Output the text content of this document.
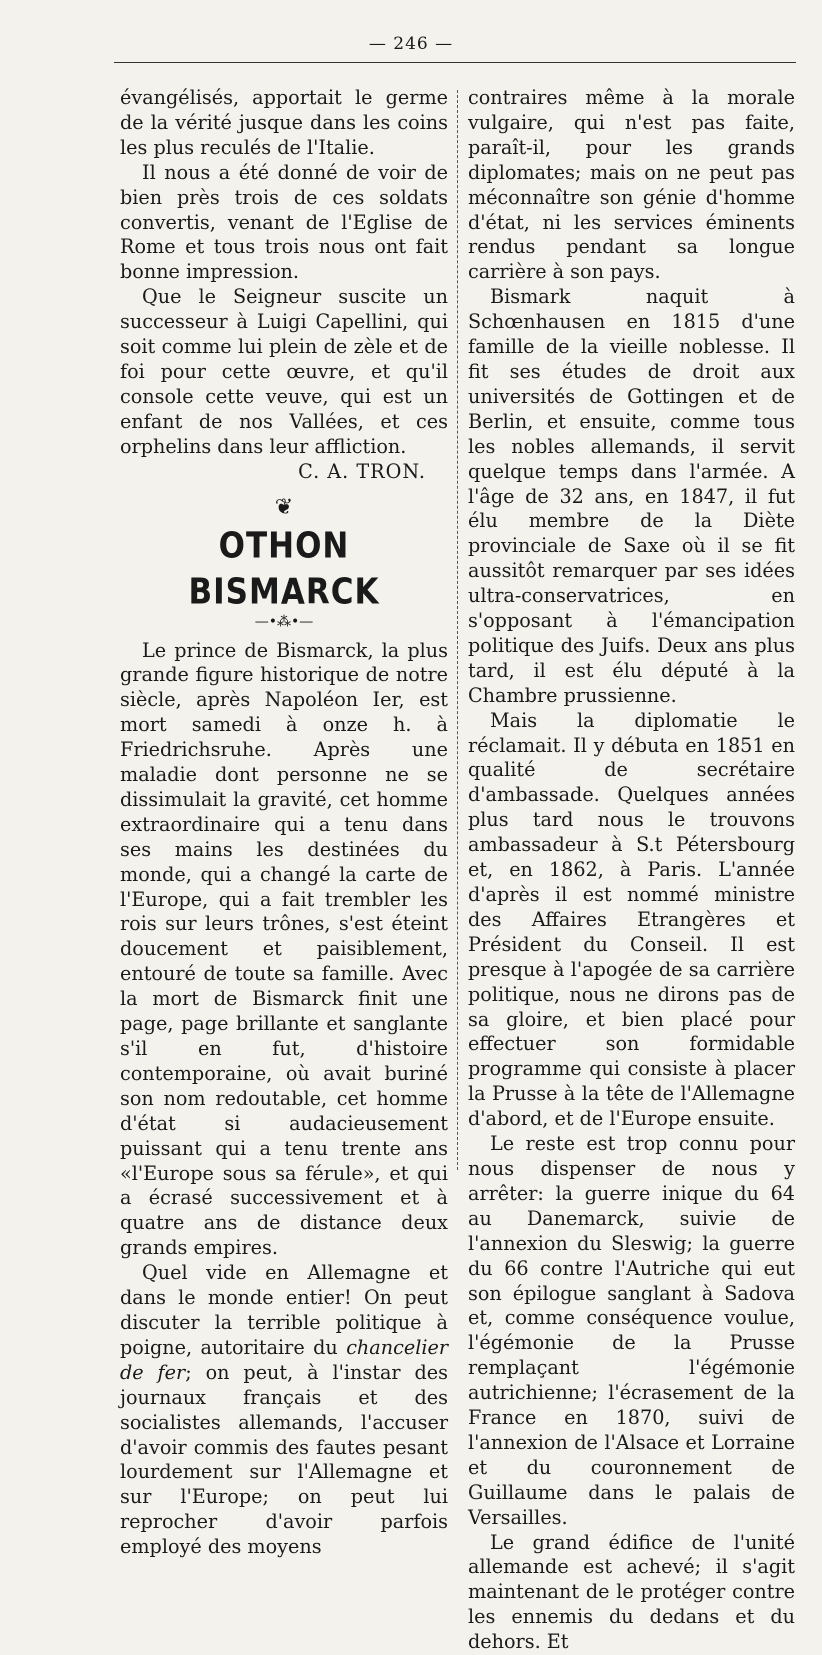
— 246 —

évangélisés, apportait le germe de la vérité jusque dans les coins les plus reculés de l'Italie.

Il nous a été donné de voir de bien près trois de ces soldats convertis, venant de l'Eglise de Rome et tous trois nous ont fait bonne impression.

Que le Seigneur suscite un successeur à Luigi Capellini, qui soit comme lui plein de zèle et de foi pour cette œuvre, et qu'il console cette veuve, qui est un enfant de nos Vallées, et ces orphelins dans leur affliction.

C. A. TRON.

❦
OTHON BISMARCK
—•⁂•—

Le prince de Bismarck, la plus grande figure historique de notre siècle, après Napoléon Ier, est mort samedi à onze h. à Friedrichsruhe. Après une maladie dont personne ne se dissimulait la gravité, cet homme extraordinaire qui a tenu dans ses mains les destinées du monde, qui a changé la carte de l'Europe, qui a fait trembler les rois sur leurs trônes, s'est éteint doucement et paisiblement, entouré de toute sa famille. Avec la mort de Bismarck finit une page, page brillante et sanglante s'il en fut, d'histoire contemporaine, où avait buriné son nom redoutable, cet homme d'état si audacieusement puissant qui a tenu trente ans «l'Europe sous sa férule», et qui a écrasé successivement et à quatre ans de distance deux grands empires.

Quel vide en Allemagne et dans le monde entier! On peut discuter la terrible politique à poigne, autoritaire du chancelier de fer; on peut, à l'instar des journaux français et des socialistes allemands, l'accuser d'avoir commis des fautes pesant lourdement sur l'Allemagne et sur l'Europe; on peut lui reprocher d'avoir parfois employé des moyens

contraires même à la morale vulgaire, qui n'est pas faite, paraît-il, pour les grands diplomates; mais on ne peut pas méconnaître son génie d'homme d'état, ni les services éminents rendus pendant sa longue carrière à son pays.

Bismark naquit à Schœnhausen en 1815 d'une famille de la vieille noblesse. Il fit ses études de droit aux universités de Gottingen et de Berlin, et ensuite, comme tous les nobles allemands, il servit quelque temps dans l'armée. A l'âge de 32 ans, en 1847, il fut élu membre de la Diète provinciale de Saxe où il se fit aussitôt remarquer par ses idées ultra-conservatrices, en s'opposant à l'émancipation politique des Juifs. Deux ans plus tard, il est élu député à la Chambre prussienne.

Mais la diplomatie le réclamait. Il y débuta en 1851 en qualité de secrétaire d'ambassade. Quelques années plus tard nous le trouvons ambassadeur à S.t Pétersbourg et, en 1862, à Paris. L'année d'après il est nommé ministre des Affaires Etrangères et Président du Conseil. Il est presque à l'apogée de sa carrière politique, nous ne dirons pas de sa gloire, et bien placé pour effectuer son formidable programme qui consiste à placer la Prusse à la tête de l'Allemagne d'abord, et de l'Europe ensuite.

Le reste est trop connu pour nous dispenser de nous y arrêter: la guerre inique du 64 au Danemarck, suivie de l'annexion du Sleswig; la guerre du 66 contre l'Autriche qui eut son épilogue sanglant à Sadova et, comme conséquence voulue, l'égémonie de la Prusse remplaçant l'égémonie autrichienne; l'écrasement de la France en 1870, suivi de l'annexion de l'Alsace et Lorraine et du couronnement de Guillaume dans le palais de Versailles.

Le grand édifice de l'unité allemande est achevé; il s'agit maintenant de le protéger contre les ennemis du dedans et du dehors. Et
